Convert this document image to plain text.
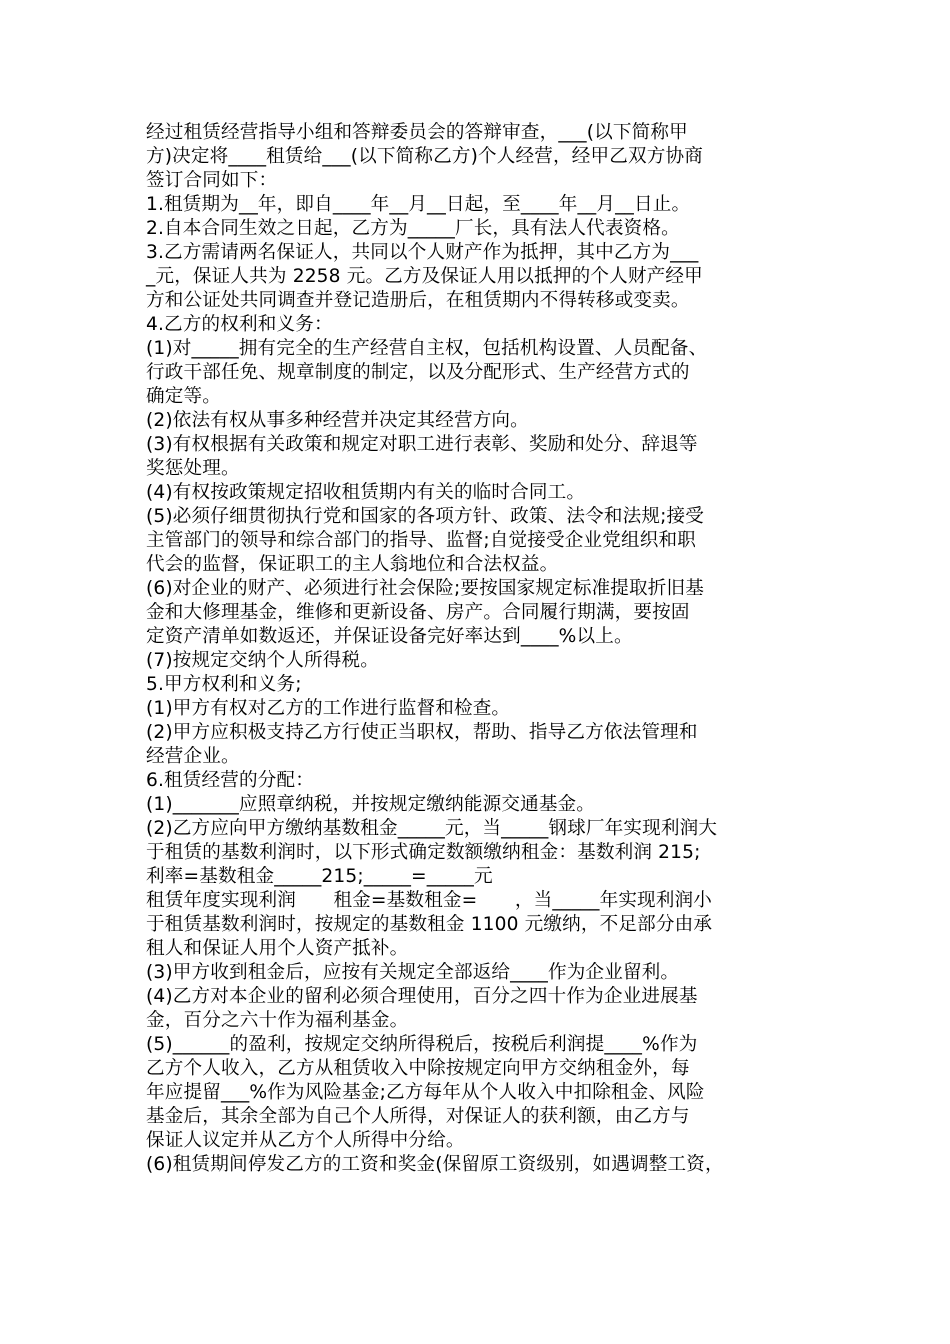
经过租赁经营指导小组和答辩委员会的答辩审查，___(以下简称甲
方)决定将____租赁给___(以下简称乙方)个人经营，经甲乙双方协商
签订合同如下：
1.租赁期为__年，即自____年__月__日起，至____年__月__日止。
2.自本合同生效之日起，乙方为_____厂长，具有法人代表资格。
3.乙方需请两名保证人，共同以个人财产作为抵押，其中乙方为___
_元，保证人共为 2258 元。乙方及保证人用以抵押的个人财产经甲
方和公证处共同调查并登记造册后，在租赁期内不得转移或变卖。
4.乙方的权利和义务：
(1)对_____拥有完全的生产经营自主权，包括机构设置、人员配备、
行政干部任免、规章制度的制定，以及分配形式、生产经营方式的
确定等。
(2)依法有权从事多种经营并决定其经营方向。
(3)有权根据有关政策和规定对职工进行表彰、奖励和处分、辞退等
奖惩处理。
(4)有权按政策规定招收租赁期内有关的临时合同工。
(5)必须仔细贯彻执行党和国家的各项方针、政策、法令和法规;接受
主管部门的领导和综合部门的指导、监督;自觉接受企业党组织和职
代会的监督，保证职工的主人翁地位和合法权益。
(6)对企业的财产、必须进行社会保险;要按国家规定标准提取折旧基
金和大修理基金，维修和更新设备、房产。合同履行期满，要按固
定资产清单如数返还，并保证设备完好率达到____%以上。
(7)按规定交纳个人所得税。
5.甲方权利和义务;
(1)甲方有权对乙方的工作进行监督和检查。
(2)甲方应积极支持乙方行使正当职权，帮助、指导乙方依法管理和
经营企业。
6.租赁经营的分配：
(1)_______应照章纳税，并按规定缴纳能源交通基金。
(2)乙方应向甲方缴纳基数租金_____元，当_____钢球厂年实现利润大
于租赁的基数利润时，以下形式确定数额缴纳租金：基数利润 215;
利率=基数租金_____215;_____=_____元
租赁年度实现利润　　租金=基数租金=　　，当_____年实现利润小
于租赁基数利润时，按规定的基数租金 1100 元缴纳，不足部分由承
租人和保证人用个人资产抵补。
(3)甲方收到租金后，应按有关规定全部返给____作为企业留利。
(4)乙方对本企业的留利必须合理使用，百分之四十作为企业进展基
金，百分之六十作为福利基金。
(5)______的盈利，按规定交纳所得税后，按税后利润提____%作为
乙方个人收入，乙方从租赁收入中除按规定向甲方交纳租金外，每
年应提留___%作为风险基金;乙方每年从个人收入中扣除租金、风险
基金后，其余全部为自己个人所得，对保证人的获利额，由乙方与
保证人议定并从乙方个人所得中分给。
(6)租赁期间停发乙方的工资和奖金(保留原工资级别，如遇调整工资，
